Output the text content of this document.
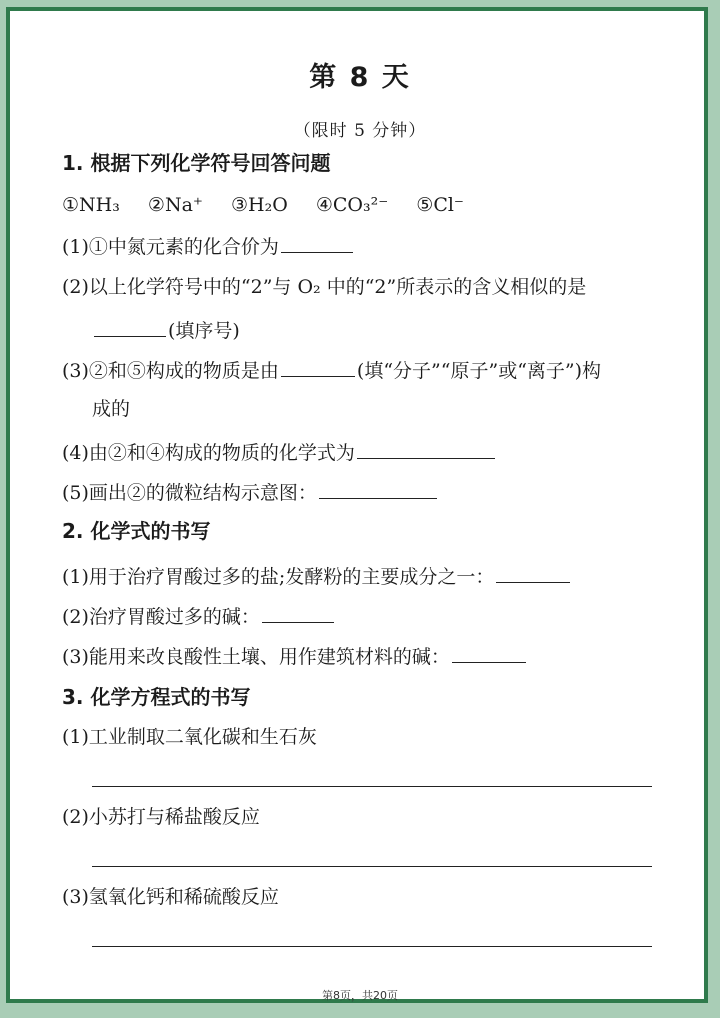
第 8 天
（限时 5 分钟）
1. 根据下列化学符号回答问题
①NH₃ ②Na⁺ ③H₂O ④CO₃²⁻ ⑤Cl⁻
(1)①中氮元素的化合价为
(2)以上化学符号中的“2”与 O₂ 中的“2”所表示的含义相似的是
(填序号)
(3)②和⑤构成的物质是由	(填“分子”“原子”或“离子”)构
成的
(4)由②和④构成的物质的化学式为
(5)画出②的微粒结构示意图：
2. 化学式的书写
(1)用于治疗胃酸过多的盐;发酵粉的主要成分之一：
(2)治疗胃酸过多的碱：
(3)能用来改良酸性土壤、用作建筑材料的碱：
3. 化学方程式的书写
(1)工业制取二氧化碳和生石灰
(2)小苏打与稀盐酸反应
(3)氢氧化钙和稀硫酸反应
第8页，共20页
